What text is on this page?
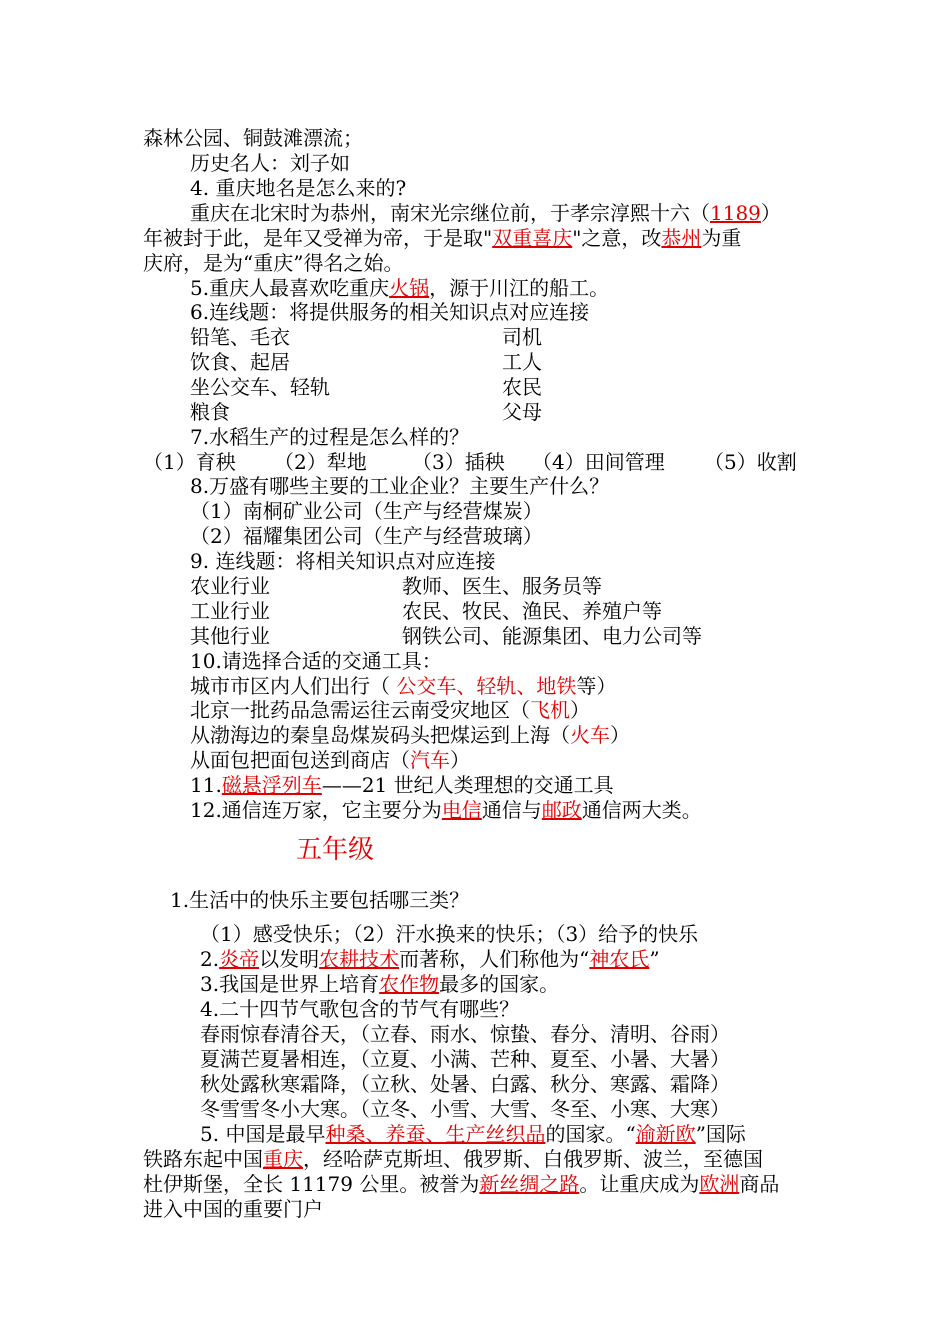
森林公园、铜鼓滩漂流；
历史名人：刘子如
4. 重庆地名是怎么来的?
重庆在北宋时为恭州，南宋光宗继位前，于孝宗淳熙十六（1189）
年被封于此，是年又受禅为帝，于是取"双重喜庆"之意，改恭州为重
庆府，是为“重庆”得名之始。
5.重庆人最喜欢吃重庆火锅，源于川江的船工。
6.连线题：将提供服务的相关知识点对应连接
铅笔、毛衣	司机
饮食、起居	工人
坐公交车、轻轨	农民
粮食	父母
7.水稻生产的过程是怎么样的？
（1）育秧 （2）犁地 （3）插秧 （4）田间管理 （5）收割
8.万盛有哪些主要的工业企业？主要生产什么？
（1）南桐矿业公司（生产与经营煤炭）
（2）福耀集团公司（生产与经营玻璃）
9. 连线题：将相关知识点对应连接
农业行业	教师、医生、服务员等
工业行业	农民、牧民、渔民、养殖户等
其他行业	钢铁公司、能源集团、电力公司等
10.请选择合适的交通工具：
城市市区内人们出行（ 公交车、轻轨、地铁等）
北京一批药品急需运往云南受灾地区（飞机）
从渤海边的秦皇岛煤炭码头把煤运到上海（火车）
从面包把面包送到商店（汽车）
11.磁悬浮列车——21 世纪人类理想的交通工具
12.通信连万家，它主要分为电信通信与邮政通信两大类。
五年级
1.生活中的快乐主要包括哪三类？
（1）感受快乐；（2）汗水换来的快乐；（3）给予的快乐
2.炎帝以发明农耕技术而著称，人们称他为“神农氏”
3.我国是世界上培育农作物最多的国家。
4.二十四节气歌包含的节气有哪些？
春雨惊春清谷天，（立春、雨水、惊蛰、春分、清明、谷雨）
夏满芒夏暑相连，（立夏、小满、芒种、夏至、小暑、大暑）
秋处露秋寒霜降，（立秋、处暑、白露、秋分、寒露、霜降）
冬雪雪冬小大寒。（立冬、小雪、大雪、冬至、小寒、大寒）
5. 中国是最早种桑、养蚕、生产丝织品的国家。“渝新欧”国际
铁路东起中国重庆，经哈萨克斯坦、俄罗斯、白俄罗斯、波兰，至德国
杜伊斯堡，全长 11179 公里。被誉为新丝绸之路。让重庆成为欧洲商品
进入中国的重要门户
